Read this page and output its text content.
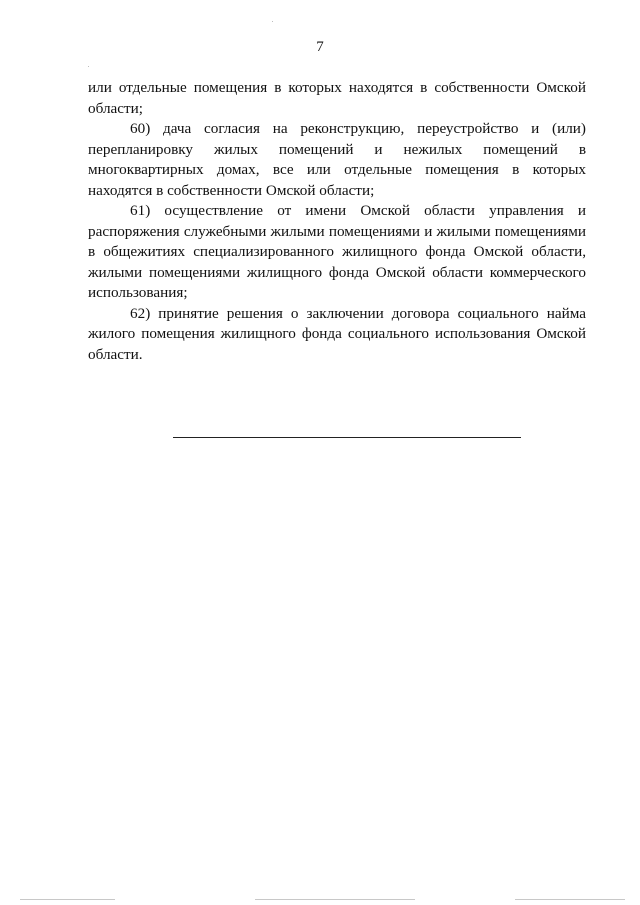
7

или отдельные помещения в которых находятся в собственности Омской области;

60) дача согласия на реконструкцию, переустройство и (или) перепланировку жилых помещений и нежилых помещений в многоквартирных домах, все или отдельные помещения в которых находятся в собственности Омской области;

61) осуществление от имени Омской области управления и распоряжения служебными жилыми помещениями и жилыми помещениями в общежитиях специализированного жилищного фонда Омской области, жилыми помещениями жилищного фонда Омской области коммерческого использования;

62) принятие решения о заключении договора социального найма жилого помещения жилищного фонда социального использования Омской области.
